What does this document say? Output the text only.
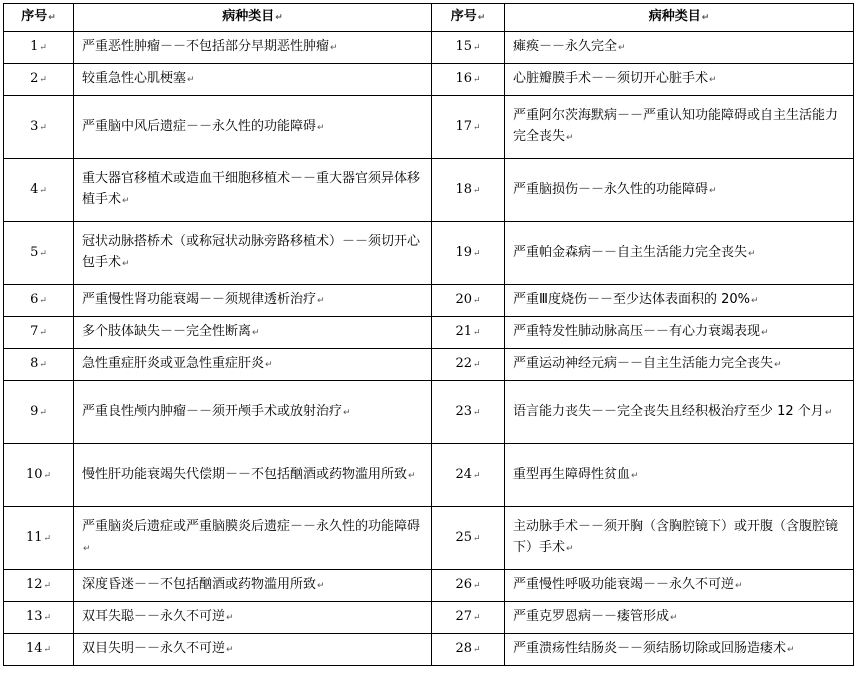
序号↵	病种类目↵	序号↵	病种类目↵
1↵	严重恶性肿瘤－－不包括部分早期恶性肿瘤↵	15↵	瘫痪－－永久完全↵
2↵	较重急性心肌梗塞↵	16↵	心脏瓣膜手术－－须切开心脏手术↵
3↵	严重脑中风后遗症－－永久性的功能障碍↵	17↵	严重阿尔茨海默病－－严重认知功能障碍或自主生活能力完全丧失↵
4↵	重大器官移植术或造血干细胞移植术－－重大器官须异体移植手术↵	18↵	严重脑损伤－－永久性的功能障碍↵
5↵	冠状动脉搭桥术（或称冠状动脉旁路移植术）－－须切开心包手术↵	19↵	严重帕金森病－－自主生活能力完全丧失↵
6↵	严重慢性肾功能衰竭－－须规律透析治疗↵	20↵	严重Ⅲ度烧伤－－至少达体表面积的 20%↵
7↵	多个肢体缺失－－完全性断离↵	21↵	严重特发性肺动脉高压－－有心力衰竭表现↵
8↵	急性重症肝炎或亚急性重症肝炎↵	22↵	严重运动神经元病－－自主生活能力完全丧失↵
9↵	严重良性颅内肿瘤－－须开颅手术或放射治疗↵	23↵	语言能力丧失－－完全丧失且经积极治疗至少 12 个月↵
10↵	慢性肝功能衰竭失代偿期－－不包括酗酒或药物滥用所致↵	24↵	重型再生障碍性贫血↵
11↵	严重脑炎后遗症或严重脑膜炎后遗症－－永久性的功能障碍↵	25↵	主动脉手术－－须开胸（含胸腔镜下）或开腹（含腹腔镜下）手术↵
12↵	深度昏迷－－不包括酗酒或药物滥用所致↵	26↵	严重慢性呼吸功能衰竭－－永久不可逆↵
13↵	双耳失聪－－永久不可逆↵	27↵	严重克罗恩病－－瘘管形成↵
14↵	双目失明－－永久不可逆↵	28↵	严重溃疡性结肠炎－－须结肠切除或回肠造瘘术↵
